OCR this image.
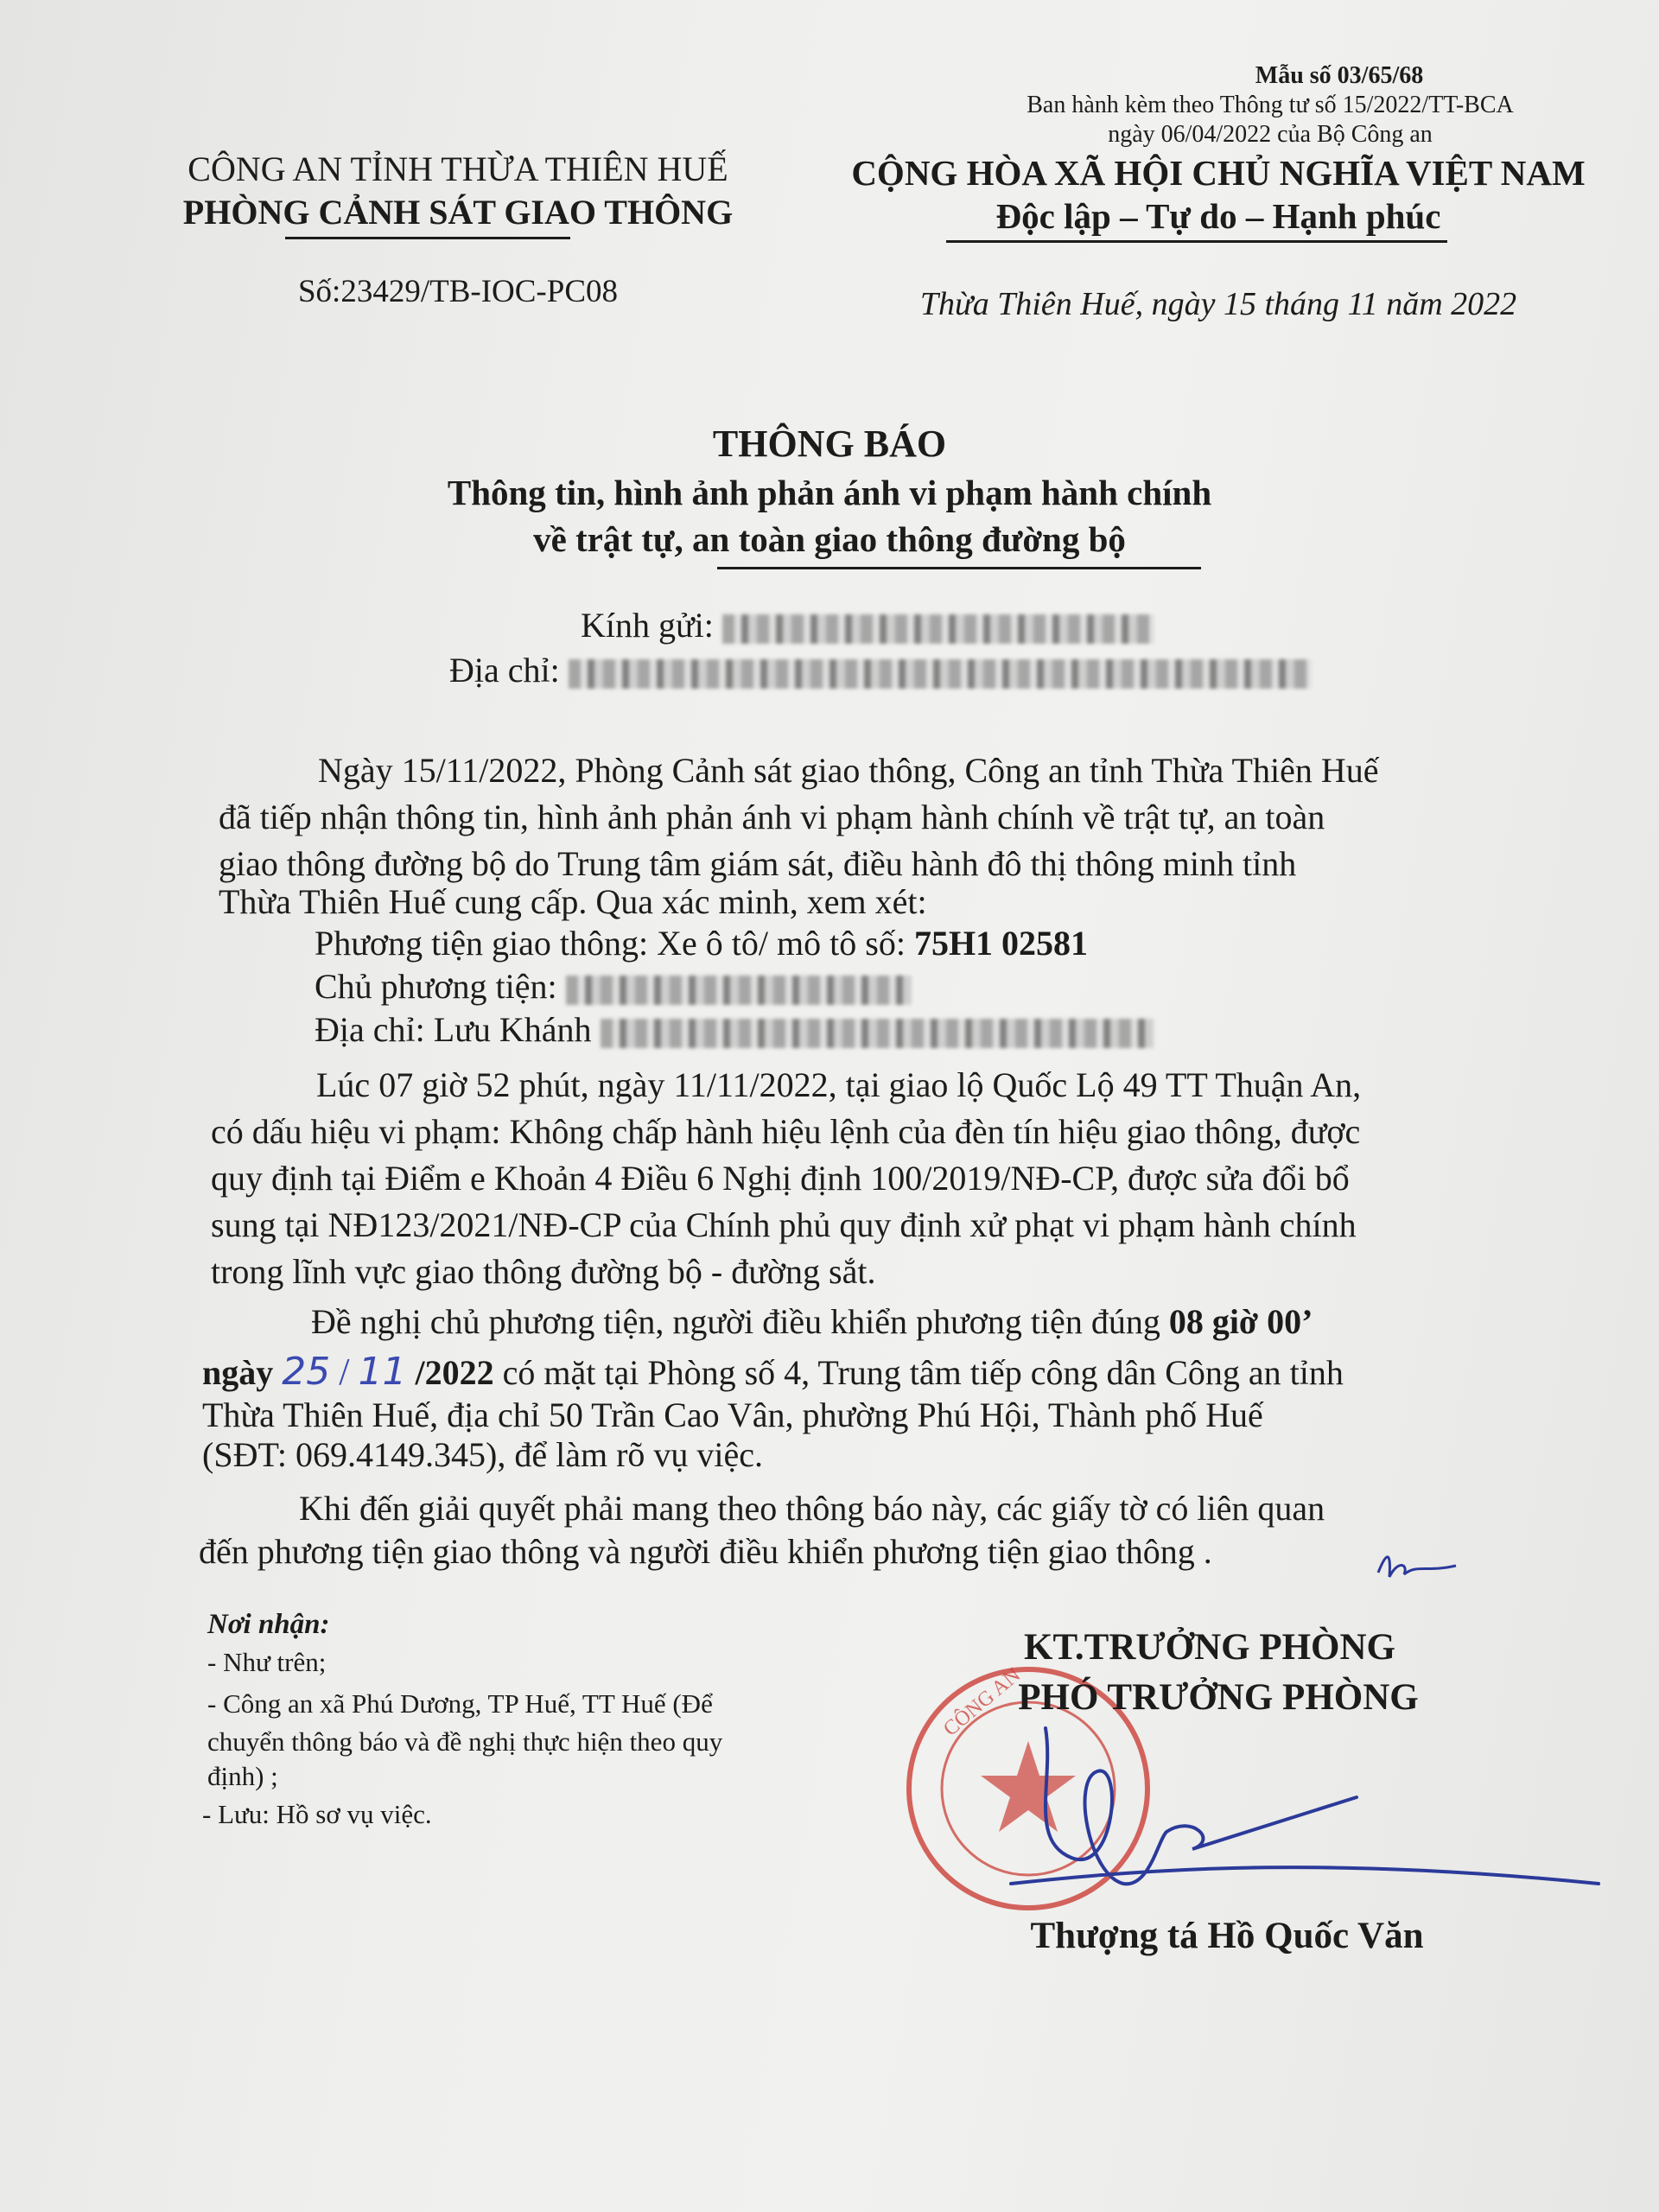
Mẫu số 03/65/68
Ban hành kèm theo Thông tư số 15/2022/TT-BCA
ngày 06/04/2022 của Bộ Công an
CÔNG AN TỈNH THỪA THIÊN HUẾ
PHÒNG CẢNH SÁT GIAO THÔNG
Số:23429/TB-IOC-PC08
CỘNG HÒA XÃ HỘI CHỦ NGHĨA VIỆT NAM
Độc lập – Tự do – Hạnh phúc
Thừa Thiên Huế, ngày 15 tháng 11 năm 2022
THÔNG BÁO
Thông tin, hình ảnh phản ánh vi phạm hành chính
về trật tự, an toàn giao thông đường bộ
Kính gửi:
Địa chỉ:
Ngày 15/11/2022, Phòng Cảnh sát giao thông, Công an tỉnh Thừa Thiên Huế
đã tiếp nhận thông tin, hình ảnh phản ánh vi phạm hành chính về trật tự, an toàn
giao thông đường bộ do Trung tâm giám sát, điều hành đô thị thông minh tỉnh
Thừa Thiên Huế cung cấp. Qua xác minh, xem xét:
Phương tiện giao thông: Xe ô tô/ mô tô số: 75H1 02581
Chủ phương tiện:
Địa chỉ: Lưu Khánh
Lúc 07 giờ 52 phút, ngày 11/11/2022, tại giao lộ Quốc Lộ 49 TT Thuận An,
có dấu hiệu vi phạm: Không chấp hành hiệu lệnh của đèn tín hiệu giao thông, được
quy định tại Điểm e Khoản 4 Điều 6 Nghị định 100/2019/NĐ-CP, được sửa đổi bổ
sung tại NĐ123/2021/NĐ-CP của Chính phủ quy định xử phạt vi phạm hành chính
trong lĩnh vực giao thông đường bộ - đường sắt.
Đề nghị chủ phương tiện, người điều khiển phương tiện đúng 08 giờ 00’
ngày 25 / 11 /2022 có mặt tại Phòng số 4, Trung tâm tiếp công dân Công an tỉnh
Thừa Thiên Huế, địa chỉ 50 Trần Cao Vân, phường Phú Hội, Thành phố Huế
(SĐT: 069.4149.345), để làm rõ vụ việc.
Khi đến giải quyết phải mang theo thông báo này, các giấy tờ có liên quan
đến phương tiện giao thông và người điều khiển phương tiện giao thông .
Nơi nhận:
- Như trên;
- Công an xã Phú Dương, TP Huế, TT Huế (Để
chuyển thông báo và đề nghị thực hiện theo quy
định) ;
- Lưu: Hồ sơ vụ việc.
CÔNG AN
KT.TRƯỞNG PHÒNG
PHÓ TRƯỞNG PHÒNG
Thượng tá Hồ Quốc Văn
